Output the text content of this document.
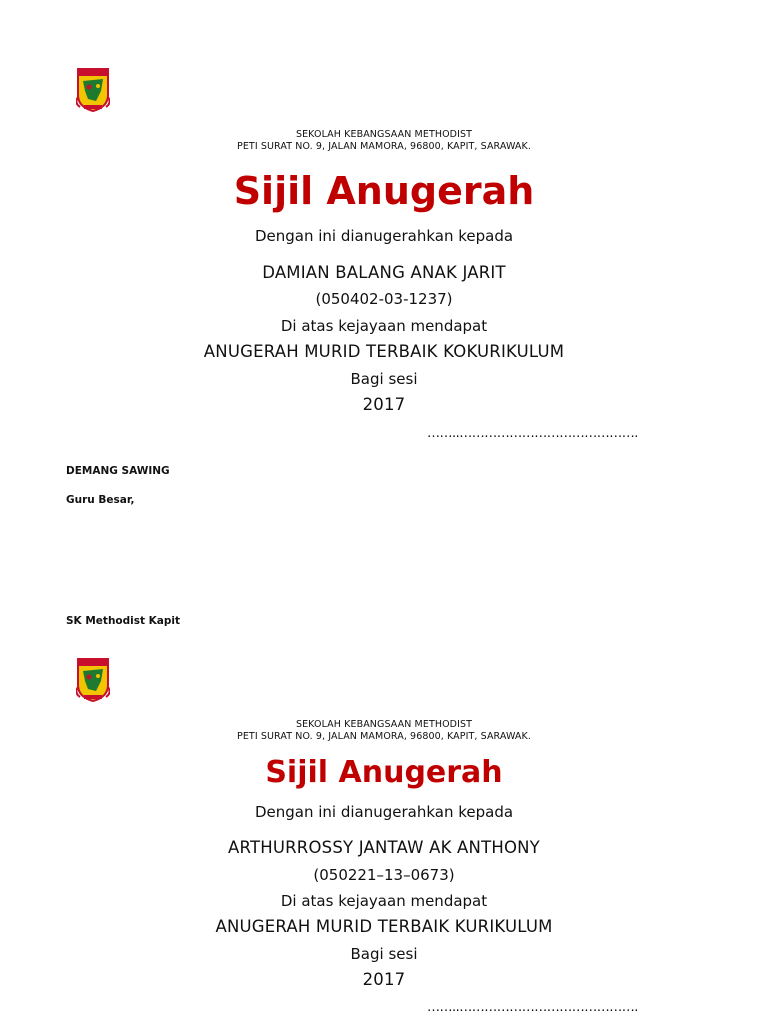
SEKOLAH KEBANGSAAN METHODIST
PETI SURAT NO. 9, JALAN MAMORA, 96800, KAPIT, SARAWAK.
Sijil Anugerah
Dengan ini dianugerahkan kepada
DAMIAN BALANG ANAK JARIT
(050402-03-1237)
Di atas kejayaan mendapat
ANUGERAH MURID TERBAIK KOKURIKULUM
Bagi sesi
2017
……..…………………………………….
DEMANG SAWING
Guru Besar,
SK Methodist Kapit
SEKOLAH KEBANGSAAN METHODIST
PETI SURAT NO. 9, JALAN MAMORA, 96800, KAPIT, SARAWAK.
Sijil Anugerah
Dengan ini dianugerahkan kepada
ARTHURROSSY JANTAW AK ANTHONY
(050221–13–0673)
Di atas kejayaan mendapat
ANUGERAH MURID TERBAIK KURIKULUM
Bagi sesi
2017
……..…………………………………….
